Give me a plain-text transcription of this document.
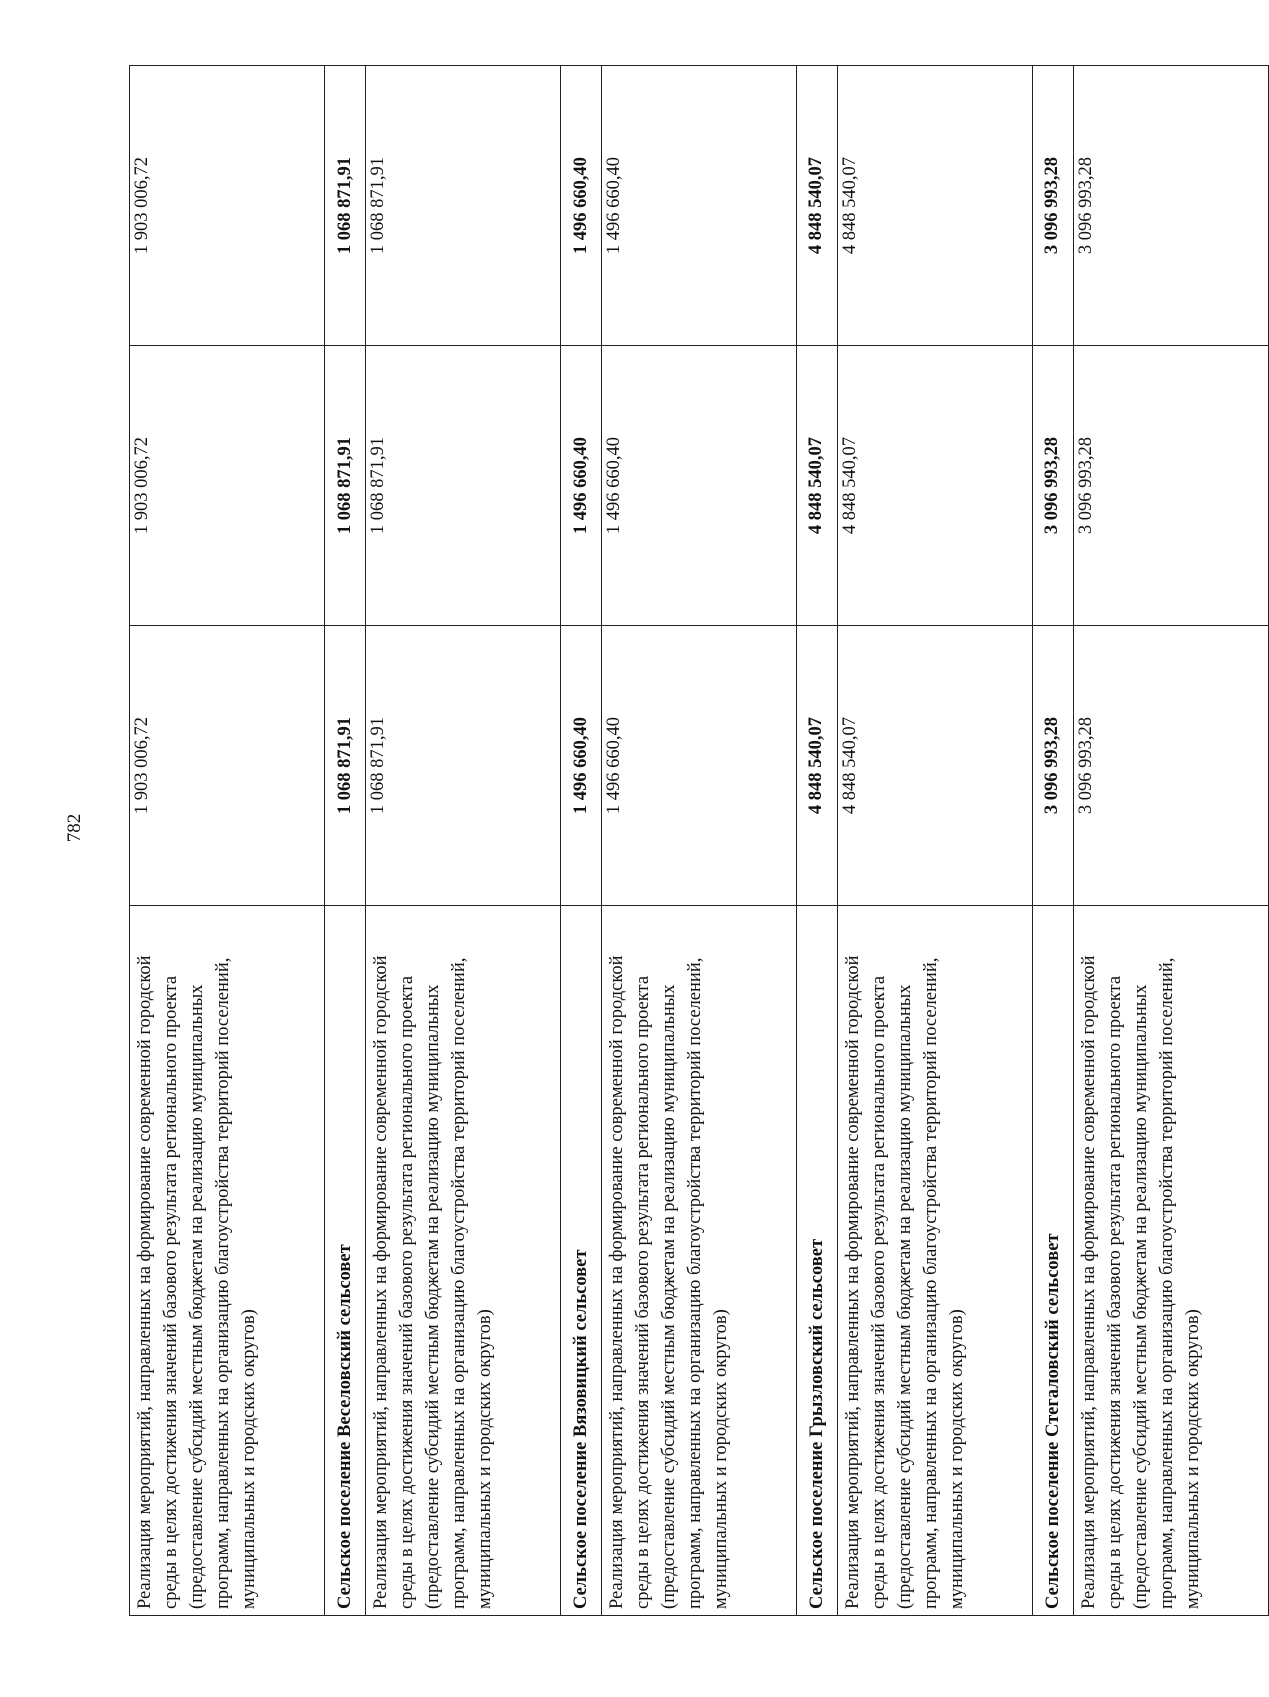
782
Реализация мероприятий, направленных на формирование современной городской среды в целях достижения значений базового результата регионального проекта (предоставление субсидий местным бюджетам на реализацию муниципальных программ, направленных на организацию благоустройства территорий поселений, муниципальных и городских округов)	1 903 006,72	1 903 006,72	1 903 006,72
Сельское поселение Веселовский сельсовет	1 068 871,91	1 068 871,91	1 068 871,91
Реализация мероприятий, направленных на формирование современной городской среды в целях достижения значений базового результата регионального проекта (предоставление субсидий местным бюджетам на реализацию муниципальных программ, направленных на организацию благоустройства территорий поселений, муниципальных и городских округов)	1 068 871,91	1 068 871,91	1 068 871,91
Сельское поселение Вязовицкий сельсовет	1 496 660,40	1 496 660,40	1 496 660,40
Реализация мероприятий, направленных на формирование современной городской среды в целях достижения значений базового результата регионального проекта (предоставление субсидий местным бюджетам на реализацию муниципальных программ, направленных на организацию благоустройства территорий поселений, муниципальных и городских округов)	1 496 660,40	1 496 660,40	1 496 660,40
Сельское поселение Грызловский сельсовет	4 848 540,07	4 848 540,07	4 848 540,07
Реализация мероприятий, направленных на формирование современной городской среды в целях достижения значений базового результата регионального проекта (предоставление субсидий местным бюджетам на реализацию муниципальных программ, направленных на организацию благоустройства территорий поселений, муниципальных и городских округов)	4 848 540,07	4 848 540,07	4 848 540,07
Сельское поселение Стегаловский сельсовет	3 096 993,28	3 096 993,28	3 096 993,28
Реализация мероприятий, направленных на формирование современной городской среды в целях достижения значений базового результата регионального проекта (предоставление субсидий местным бюджетам на реализацию муниципальных программ, направленных на организацию благоустройства территорий поселений, муниципальных и городских округов)	3 096 993,28	3 096 993,28	3 096 993,28
